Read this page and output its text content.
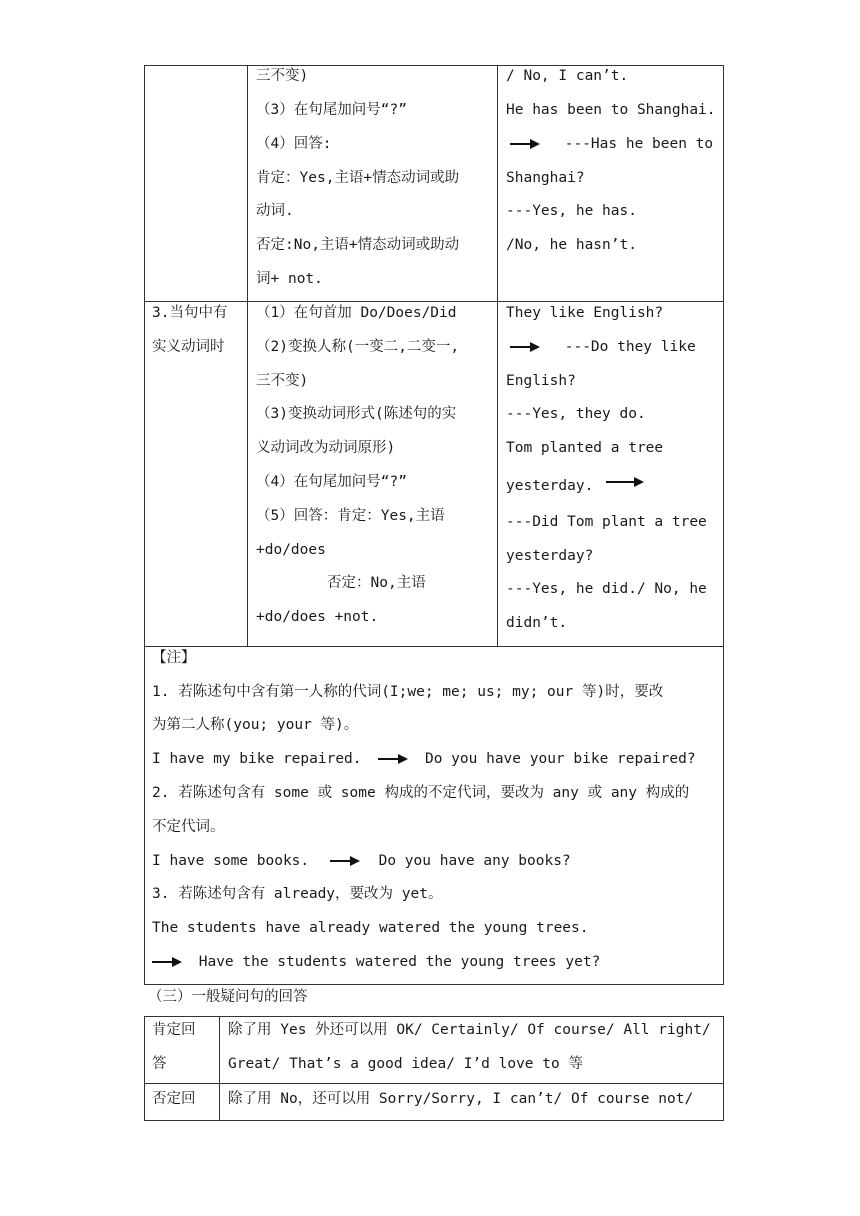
三不变)
（3）在句尾加问号“?”
（4）回答:
肯定：Yes,主语+情态动词或助
动词.
否定:No,主语+情态动词或助动
词+ not.
/ No, I can’t.
He has been to Shanghai.
---Has he been to
Shanghai?
---Yes, he has.
/No, he hasn’t.
3.当句中有
实义动词时
（1）在句首加 Do/Does/Did
（2)变换人称(一变二,二变一,
三不变)
（3)变换动词形式(陈述句的实
义动词改为动词原形)
（4）在句尾加问号“?”
（5）回答：肯定：Yes,主语
+do/does
否定：No,主语
+do/does +not.
They like English?
---Do they like
English?
---Yes, they do.
Tom planted a tree
yesterday.
---Did Tom plant a tree
yesterday?
---Yes, he did./ No, he
didn’t.
【注】
1. 若陈述句中含有第一人称的代词(I;we; me; us; my; our 等)时，要改
为第二人称(you; your 等)。
I have my bike repaired.	Do you have your bike repaired?
2. 若陈述句含有 some 或 some 构成的不定代词，要改为 any 或 any 构成的
不定代词。
I have some books.	Do you have any books?
3. 若陈述句含有 already，要改为 yet。
The students have already watered the young trees.
Have the students watered the young trees yet?
（三）一般疑问句的回答
肯定回
答
除了用 Yes 外还可以用 OK/ Certainly/ Of course/ All right/
Great/ That’s a good idea/ I’d love to 等
否定回 除了用 No，还可以用 Sorry/Sorry, I can’t/ Of course not/
